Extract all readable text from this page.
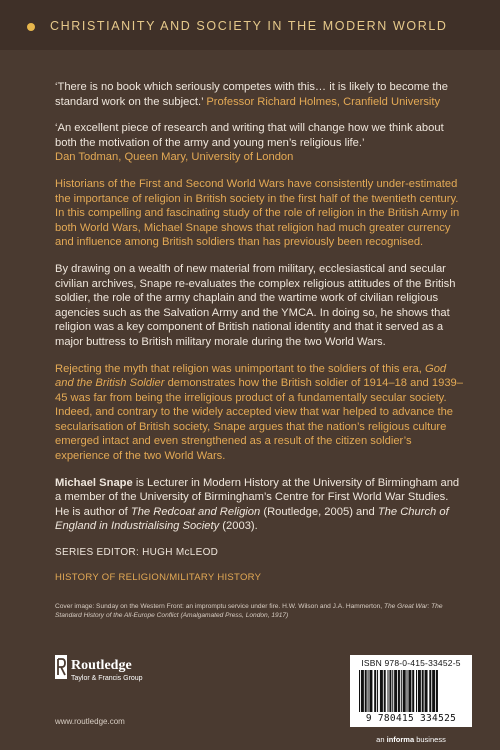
CHRISTIANITY AND SOCIETY IN THE MODERN WORLD

‘There is no book which seriously competes with this… it is likely to become the standard work on the subject.’ Professor Richard Holmes, Cranfield University

‘An excellent piece of research and writing that will change how we think about both the motivation of the army and young men’s religious life.’
Dan Todman, Queen Mary, University of London

Historians of the First and Second World Wars have consistently under-estimated the importance of religion in British society in the first half of the twentieth century. In this compelling and fascinating study of the role of religion in the British Army in both World Wars, Michael Snape shows that religion had much greater currency and influence among British soldiers than has previously been recognised.

By drawing on a wealth of new material from military, ecclesiastical and secular civilian archives, Snape re-evaluates the complex religious attitudes of the British soldier, the role of the army chaplain and the wartime work of civilian religious agencies such as the Salvation Army and the YMCA. In doing so, he shows that religion was a key component of British national identity and that it served as a major buttress to British military morale during the two World Wars.

Rejecting the myth that religion was unimportant to the soldiers of this era, God and the British Soldier demonstrates how the British soldier of 1914–18 and 1939–45 was far from being the irreligious product of a fundamentally secular society. Indeed, and contrary to the widely accepted view that war helped to advance the secularisation of British society, Snape argues that the nation’s religious culture emerged intact and even strengthened as a result of the citizen soldier’s experience of the two World Wars.

Michael Snape is Lecturer in Modern History at the University of Birmingham and a member of the University of Birmingham’s Centre for First World War Studies. He is author of The Redcoat and Religion (Routledge, 2005) and The Church of England in Industrialising Society (2003).

SERIES EDITOR: HUGH McLEOD

HISTORY OF RELIGION/MILITARY HISTORY

Cover image: Sunday on the Western Front: an impromptu service under fire. H.W. Wilson and J.A. Hammerton, The Great War: The Standard History of the All-Europe Conflict (Amalgamated Press, London, 1917)
Routledge
Taylor & Francis Group
www.routledge.com
ISBN 978-0-415-33452-5
9 780415 334525
an informa business
